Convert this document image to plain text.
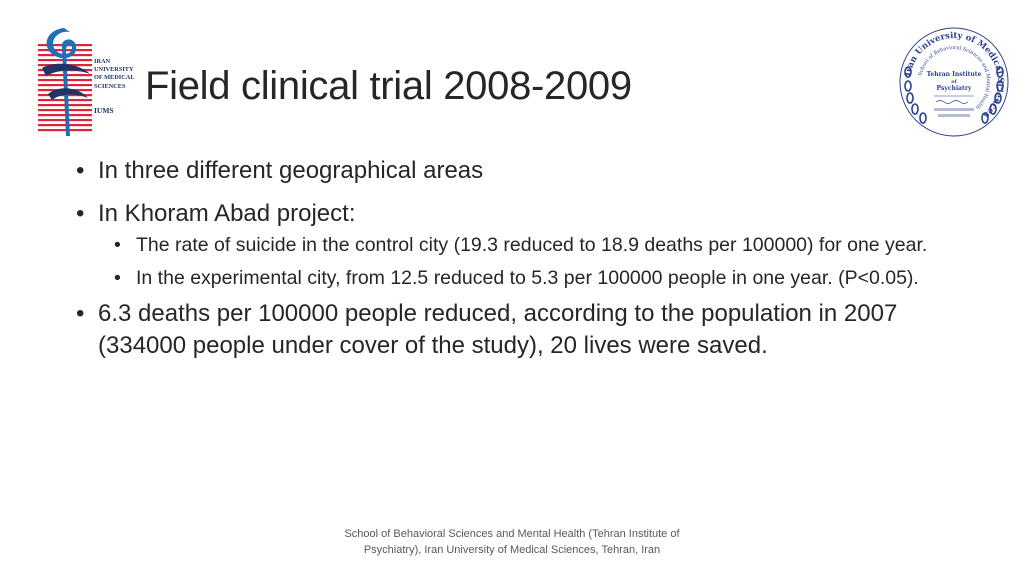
IRAN
UNIVERSITY
OF MEDICAL
SCIENCES
IUMS
Field clinical trial 2008-2009	Iran University of Medical Sciences
School of Behavioral Sciences and Mental Health
Tehran Institute
of
Psychiatry
• In three different geographical areas
• In Khoram Abad project:
• The rate of suicide in the control city (19.3 reduced to 18.9 deaths per 100000) for one year.
• In the experimental city, from 12.5 reduced to 5.3 per 100000 people in one year. (P<0.05).
• 6.3 deaths per 100000 people reduced, according to the population in 2007 (334000 people under cover of the study), 20 lives were saved.
School of Behavioral Sciences and Mental Health (Tehran Institute of Psychiatry), Iran University of Medical Sciences, Tehran, Iran
